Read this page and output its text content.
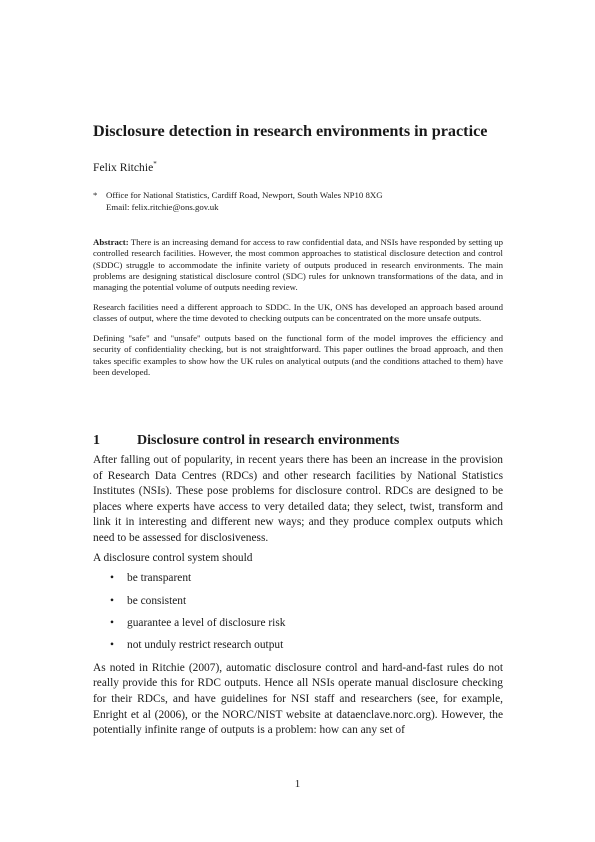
Disclosure detection in research environments in practice

Felix Ritchie*

* Office for National Statistics, Cardiff Road, Newport, South Wales NP10 8XG
Email: felix.ritchie@ons.gov.uk

Abstract: There is an increasing demand for access to raw confidential data, and NSIs have responded by setting up controlled research facilities. However, the most common approaches to statistical disclosure detection and control (SDDC) struggle to accommodate the infinite variety of outputs produced in research environments. The main problems are designing statistical disclosure control (SDC) rules for unknown transformations of the data, and in managing the potential volume of outputs needing review.

Research facilities need a different approach to SDDC. In the UK, ONS has developed an approach based around classes of output, where the time devoted to checking outputs can be concentrated on the more unsafe outputs.

Defining "safe" and "unsafe" outputs based on the functional form of the model improves the efficiency and security of confidentiality checking, but is not straightforward. This paper outlines the broad approach, and then takes specific examples to show how the UK rules on analytical outputs (and the conditions attached to them) have been developed.

1	Disclosure control in research environments

After falling out of popularity, in recent years there has been an increase in the provision of Research Data Centres (RDCs) and other research facilities by National Statistics Institutes (NSIs). These pose problems for disclosure control. RDCs are designed to be places where experts have access to very detailed data; they select, twist, transform and link it in interesting and different new ways; and they produce complex outputs which need to be assessed for disclosiveness.

A disclosure control system should

• be transparent
• be consistent
• guarantee a level of disclosure risk
• not unduly restrict research output

As noted in Ritchie (2007), automatic disclosure control and hard-and-fast rules do not really provide this for RDC outputs. Hence all NSIs operate manual disclosure checking for their RDCs, and have guidelines for NSI staff and researchers (see, for example, Enright et al (2006), or the NORC/NIST website at dataenclave.norc.org). However, the potentially infinite range of outputs is a problem: how can any set of

1
